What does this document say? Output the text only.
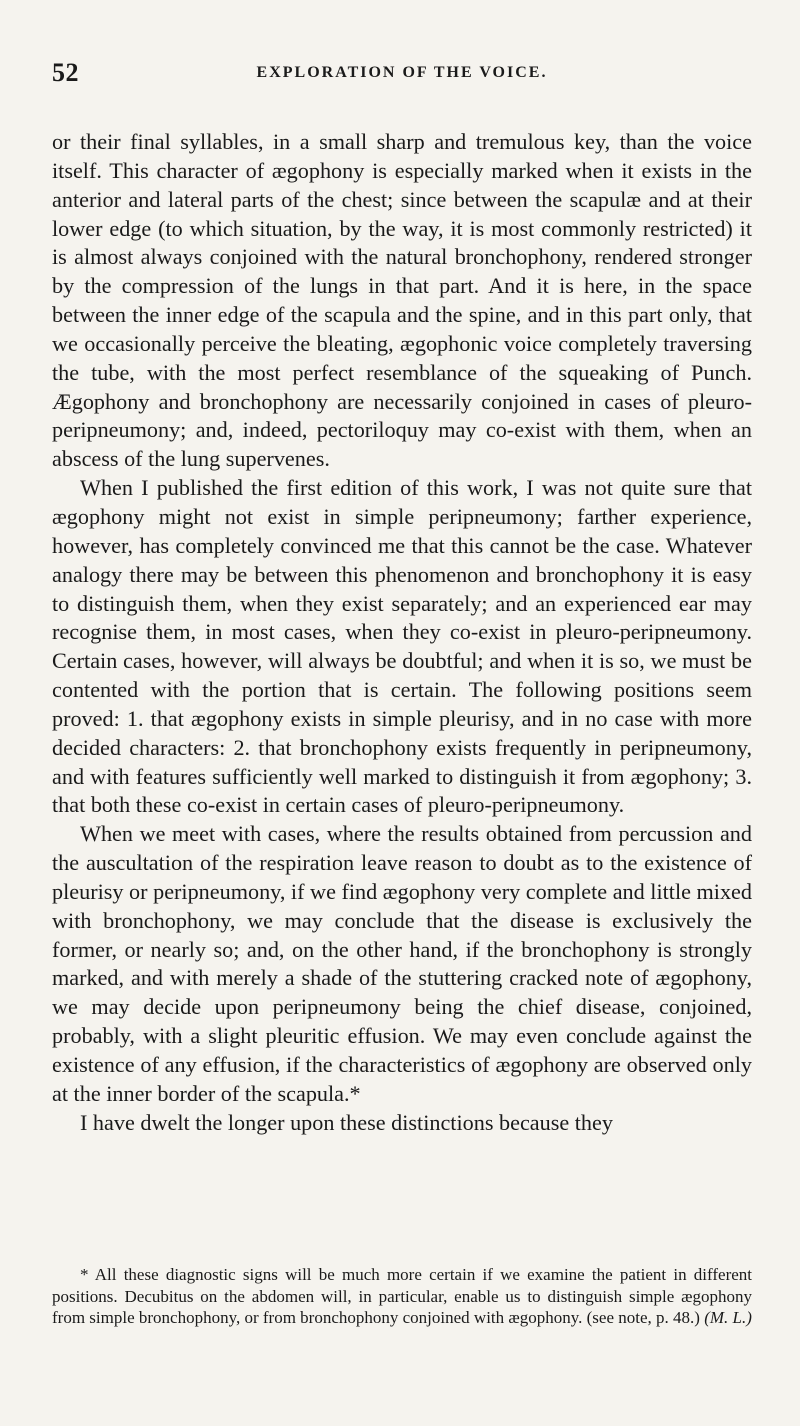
52	EXPLORATION OF THE VOICE.

or their final syllables, in a small sharp and tremulous key, than the voice itself. This character of ægophony is especially marked when it exists in the anterior and lateral parts of the chest; since between the scapulæ and at their lower edge (to which situation, by the way, it is most commonly restricted) it is almost always conjoined with the natural bronchophony, rendered stronger by the compression of the lungs in that part. And it is here, in the space between the inner edge of the scapula and the spine, and in this part only, that we occasionally perceive the bleating, ægophonic voice completely traversing the tube, with the most perfect resemblance of the squeaking of Punch. Ægophony and bronchophony are necessarily conjoined in cases of pleuro-peripneumony; and, indeed, pectoriloquy may co-exist with them, when an abscess of the lung supervenes.

When I published the first edition of this work, I was not quite sure that ægophony might not exist in simple peripneumony; farther experience, however, has completely convinced me that this cannot be the case. Whatever analogy there may be between this phenomenon and bronchophony it is easy to distinguish them, when they exist separately; and an experienced ear may recognise them, in most cases, when they co-exist in pleuro-peripneumony. Certain cases, however, will always be doubtful; and when it is so, we must be contented with the portion that is certain. The following positions seem proved: 1. that ægophony exists in simple pleurisy, and in no case with more decided characters: 2. that bronchophony exists frequently in peripneumony, and with features sufficiently well marked to distinguish it from ægophony; 3. that both these co-exist in certain cases of pleuro-peripneumony.

When we meet with cases, where the results obtained from percussion and the auscultation of the respiration leave reason to doubt as to the existence of pleurisy or peripneumony, if we find ægophony very complete and little mixed with bronchophony, we may conclude that the disease is exclusively the former, or nearly so; and, on the other hand, if the bronchophony is strongly marked, and with merely a shade of the stuttering cracked note of ægophony, we may decide upon peripneumony being the chief disease, conjoined, probably, with a slight pleuritic effusion. We may even conclude against the existence of any effusion, if the characteristics of ægophony are observed only at the inner border of the scapula.*

I have dwelt the longer upon these distinctions because they

* All these diagnostic signs will be much more certain if we examine the patient in different positions. Decubitus on the abdomen will, in particular, enable us to distinguish simple ægophony from simple bronchophony, or from bronchophony conjoined with ægophony. (see note, p. 48.) (M. L.)
